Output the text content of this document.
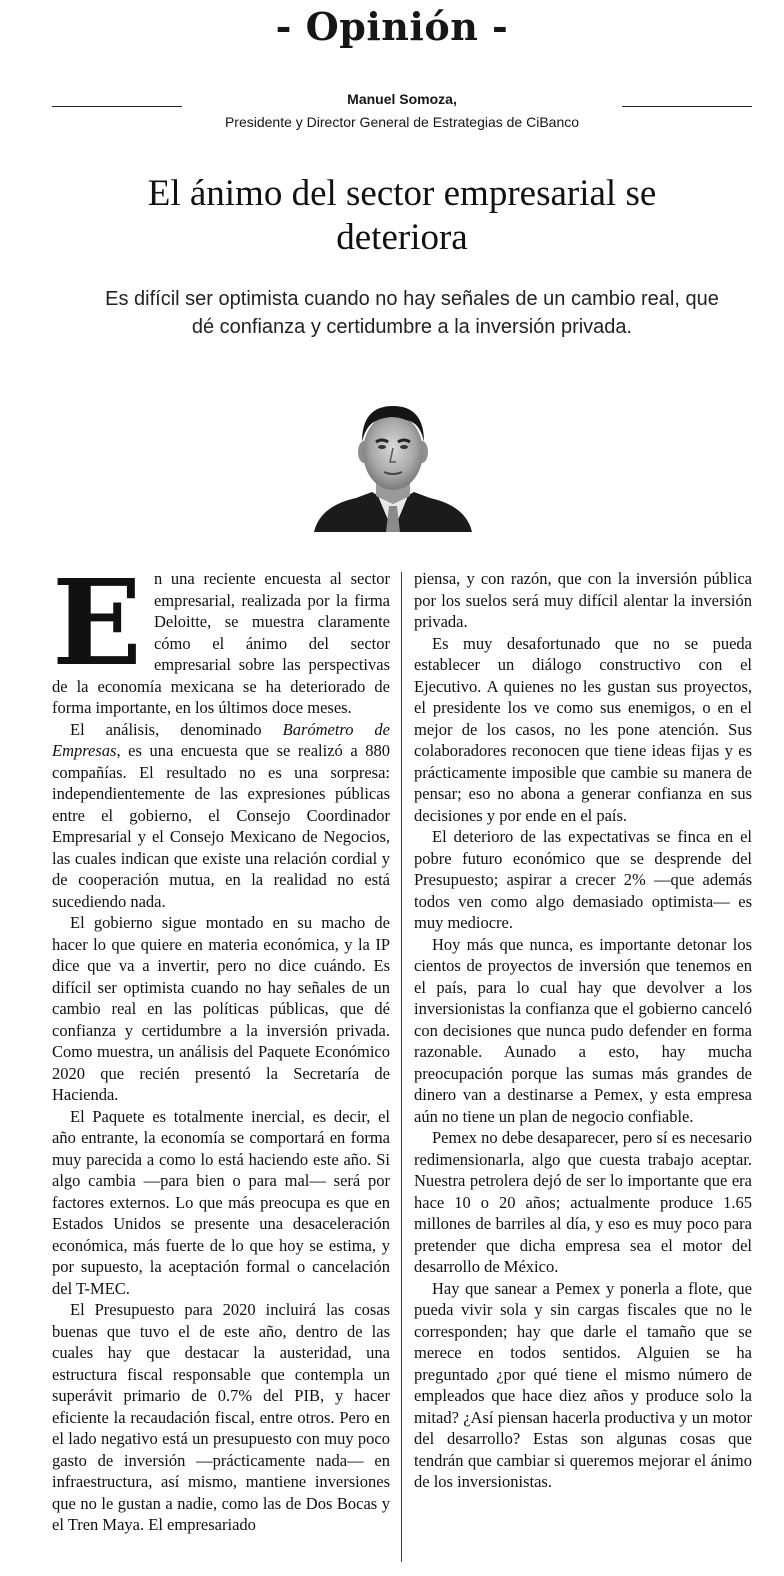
- Opinión -
Manuel Somoza,
Presidente y Director General de Estrategias de CiBanco
El ánimo del sector empresarial se deteriora
Es difícil ser optimista cuando no hay señales de un cambio real, que dé confianza y certidumbre a la inversión privada.

En una reciente encuesta al sector empresarial, realizada por la firma Deloitte, se muestra claramente cómo el ánimo del sector empresarial sobre las perspectivas de la economía mexicana se ha deteriorado de forma importante, en los últimos doce meses.

El análisis, denominado Barómetro de Empresas, es una encuesta que se realizó a 880 compañías. El resultado no es una sorpresa: independientemente de las expresiones públicas entre el gobierno, el Consejo Coordinador Empresarial y el Consejo Mexicano de Negocios, las cuales indican que existe una relación cordial y de cooperación mutua, en la realidad no está sucediendo nada.

El gobierno sigue montado en su macho de hacer lo que quiere en materia económica, y la IP dice que va a invertir, pero no dice cuándo. Es difícil ser optimista cuando no hay señales de un cambio real en las políticas públicas, que dé confianza y certidumbre a la inversión privada. Como muestra, un análisis del Paquete Económico 2020 que recién presentó la Secretaría de Hacienda.

El Paquete es totalmente inercial, es decir, el año entrante, la economía se comportará en forma muy parecida a como lo está haciendo este año. Si algo cambia —para bien o para mal— será por factores externos. Lo que más preocupa es que en Estados Unidos se presente una desaceleración económica, más fuerte de lo que hoy se estima, y por supuesto, la aceptación formal o cancelación del T-MEC.

El Presupuesto para 2020 incluirá las cosas buenas que tuvo el de este año, dentro de las cuales hay que destacar la austeridad, una estructura fiscal responsable que contempla un superávit primario de 0.7% del PIB, y hacer eficiente la recaudación fiscal, entre otros. Pero en el lado negativo está un presupuesto con muy poco gasto de inversión —prácticamente nada— en infraestructura, así mismo, mantiene inversiones que no le gustan a nadie, como las de Dos Bocas y el Tren Maya. El empresariado

piensa, y con razón, que con la inversión pública por los suelos será muy difícil alentar la inversión privada.

Es muy desafortunado que no se pueda establecer un diálogo constructivo con el Ejecutivo. A quienes no les gustan sus proyectos, el presidente los ve como sus enemigos, o en el mejor de los casos, no les pone atención. Sus colaboradores reconocen que tiene ideas fijas y es prácticamente imposible que cambie su manera de pensar; eso no abona a generar confianza en sus decisiones y por ende en el país.

El deterioro de las expectativas se finca en el pobre futuro económico que se desprende del Presupuesto; aspirar a crecer 2% —que además todos ven como algo demasiado optimista— es muy mediocre.

Hoy más que nunca, es importante detonar los cientos de proyectos de inversión que tenemos en el país, para lo cual hay que devolver a los inversionistas la confianza que el gobierno canceló con decisiones que nunca pudo defender en forma razonable. Aunado a esto, hay mucha preocupación porque las sumas más grandes de dinero van a destinarse a Pemex, y esta empresa aún no tiene un plan de negocio confiable.

Pemex no debe desaparecer, pero sí es necesario redimensionarla, algo que cuesta trabajo aceptar. Nuestra petrolera dejó de ser lo importante que era hace 10 o 20 años; actualmente produce 1.65 millones de barriles al día, y eso es muy poco para pretender que dicha empresa sea el motor del desarrollo de México.

Hay que sanear a Pemex y ponerla a flote, que pueda vivir sola y sin cargas fiscales que no le corresponden; hay que darle el tamaño que se merece en todos sentidos. Alguien se ha preguntado ¿por qué tiene el mismo número de empleados que hace diez años y produce solo la mitad? ¿Así piensan hacerla productiva y un motor del desarrollo? Estas son algunas cosas que tendrán que cambiar si queremos mejorar el ánimo de los inversionistas.
